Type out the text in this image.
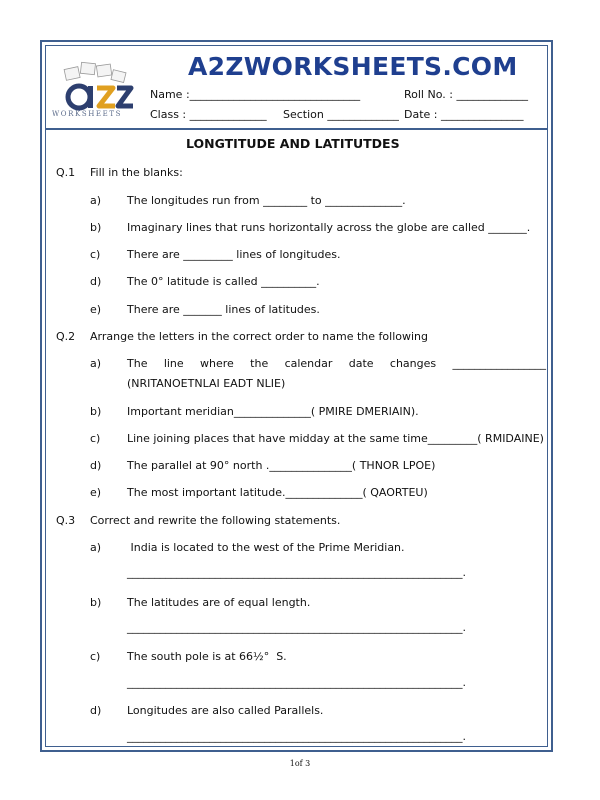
WORKSHEETS
A2ZWORKSHEETS.COM
Name :_______________________________	Roll No. : _____________
Class : ______________ Section _____________ Date : _______________
LONGTITUDE AND LATITUTDES
Q.1 Fill in the blanks:
a) The longitudes run from ________ to ______________.
b) Imaginary lines that runs horizontally across the globe are called _______.
c) There are _________ lines of longitudes.
d) The 0° latitude is called __________.
e) There are _______ lines of latitudes.
Q.2 Arrange the letters in the correct order to name the following
a) The line where the calendar date changes _________________
(NRITANOETNLAI EADT NLIE)
b) Important meridian______________( PMIRE DMERIAIN).
c) Line joining places that have midday at the same time_________( RMIDAINE)
d) The parallel at 90° north ._______________( THNOR LPOE)
e) The most important latitude.______________( QAORTEU)
Q.3 Correct and rewrite the following statements.
a) India is located to the west of the Prime Meridian.
_____________________________________________________________.
b) The latitudes are of equal length.
_____________________________________________________________.
c) The south pole is at 66½°  S.
_____________________________________________________________.
d) Longitudes are also called Parallels.
_____________________________________________________________.
1of 3
